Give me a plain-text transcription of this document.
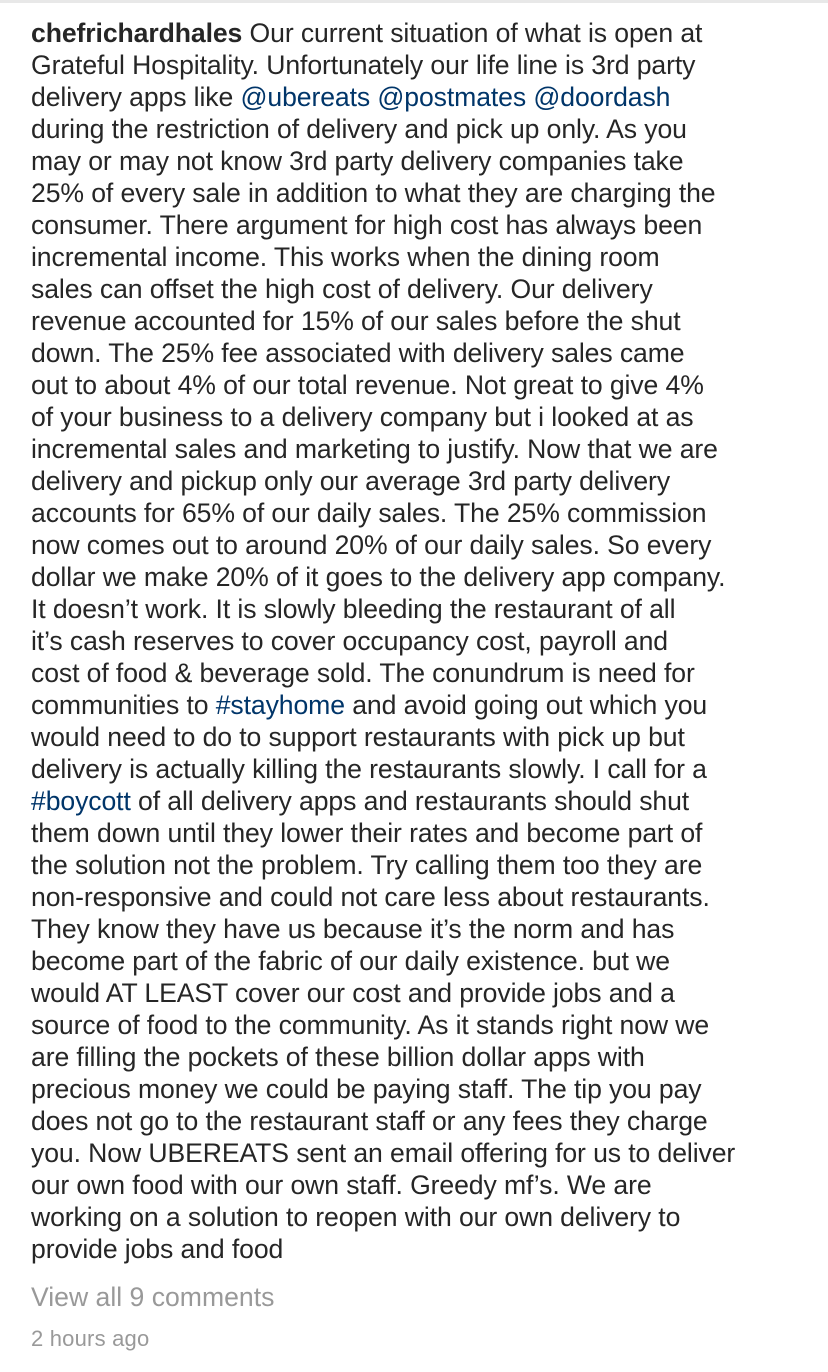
chefrichardhales Our current situation of what is open at
Grateful Hospitality. Unfortunately our life line is 3rd party
delivery apps like @ubereats @postmates @doordash
during the restriction of delivery and pick up only. As you
may or may not know 3rd party delivery companies take
25% of every sale in addition to what they are charging the
consumer. There argument for high cost has always been
incremental income. This works when the dining room
sales can offset the high cost of delivery. Our delivery
revenue accounted for 15% of our sales before the shut
down. The 25% fee associated with delivery sales came
out to about 4% of our total revenue. Not great to give 4%
of your business to a delivery company but i looked at as
incremental sales and marketing to justify. Now that we are
delivery and pickup only our average 3rd party delivery
accounts for 65% of our daily sales. The 25% commission
now comes out to around 20% of our daily sales. So every
dollar we make 20% of it goes to the delivery app company.
It doesn’t work. It is slowly bleeding the restaurant of all
it’s cash reserves to cover occupancy cost, payroll and
cost of food & beverage sold. The conundrum is need for
communities to #stayhome and avoid going out which you
would need to do to support restaurants with pick up but
delivery is actually killing the restaurants slowly. I call for a
#boycott of all delivery apps and restaurants should shut
them down until they lower their rates and become part of
the solution not the problem. Try calling them too they are
non-responsive and could not care less about restaurants.
They know they have us because it’s the norm and has
become part of the fabric of our daily existence. but we
would AT LEAST cover our cost and provide jobs and a
source of food to the community. As it stands right now we
are filling the pockets of these billion dollar apps with
precious money we could be paying staff. The tip you pay
does not go to the restaurant staff or any fees they charge
you. Now UBEREATS sent an email offering for us to deliver
our own food with our own staff. Greedy mf’s. We are
working on a solution to reopen with our own delivery to
provide jobs and food
View all 9 comments
2 hours ago
